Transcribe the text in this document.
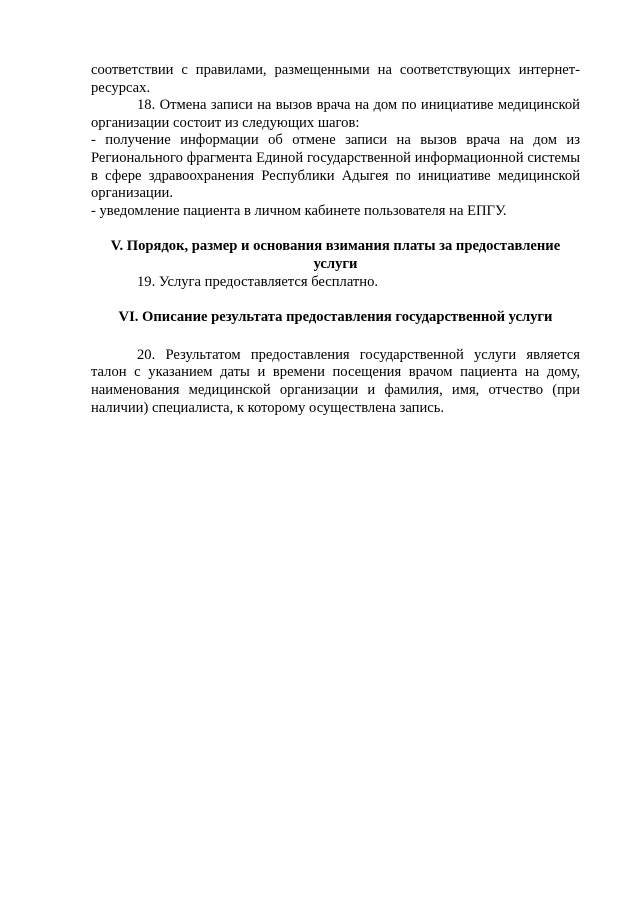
соответствии с правилами, размещенными на соответствующих интернет-ресурсах.

18. Отмена записи на вызов врача на дом по инициативе медицинской организации состоит из следующих шагов:

- получение информации об отмене записи на вызов врача на дом из Регионального фрагмента Единой государственной информационной системы в сфере здравоохранения Республики Адыгея по инициативе медицинской организации.

- уведомление пациента в личном кабинете пользователя на ЕПГУ.

V. Порядок, размер и основания взимания платы за предоставление услуги

19. Услуга предоставляется бесплатно.

VI. Описание результата предоставления государственной услуги

20. Результатом предоставления государственной услуги является талон с указанием даты и времени посещения врачом пациента на дому, наименования медицинской организации и фамилия, имя, отчество (при наличии) специалиста, к которому осуществлена запись.
